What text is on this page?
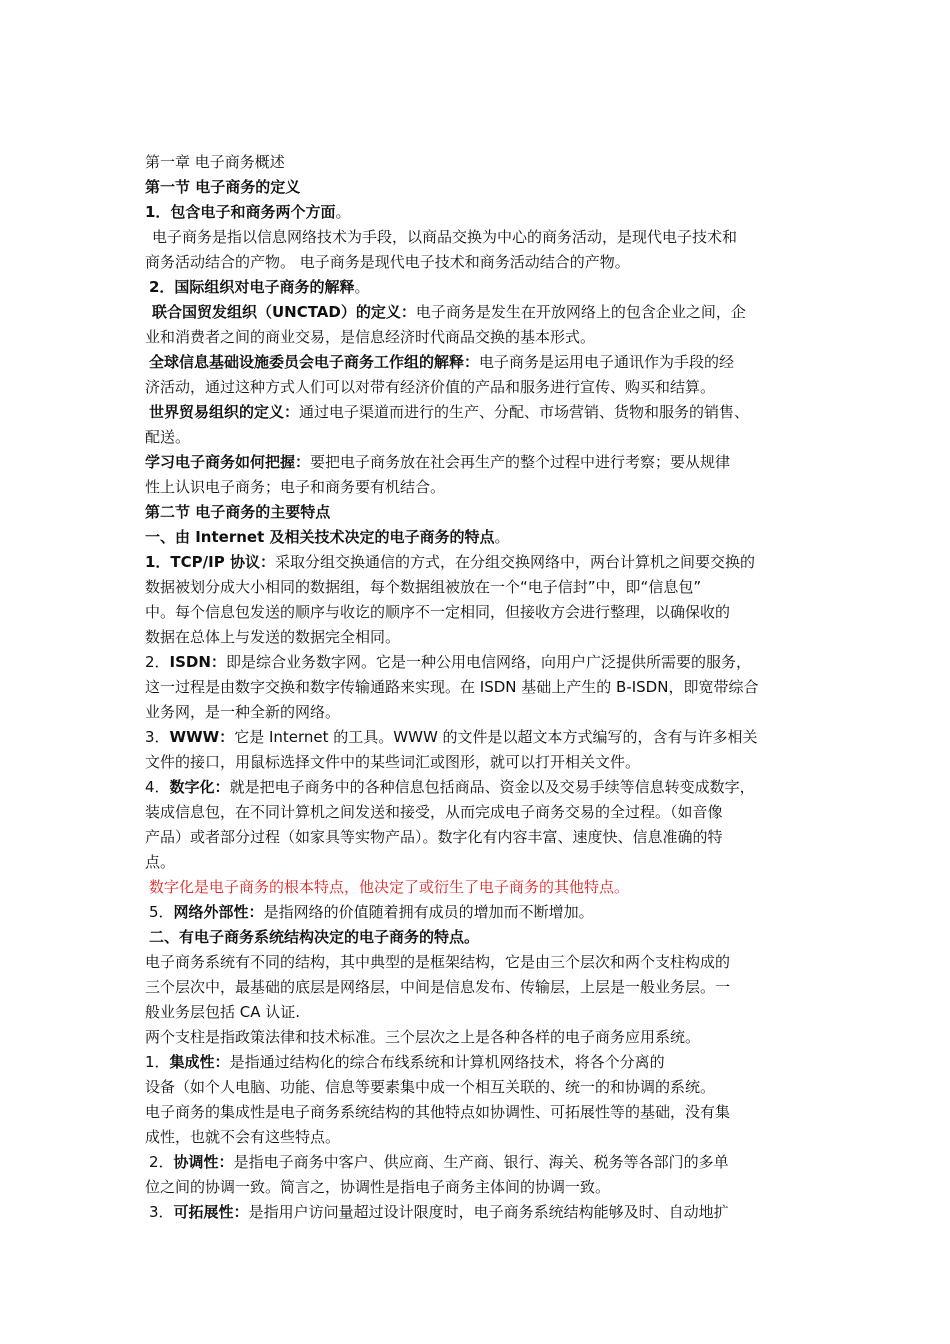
第一章 电子商务概述
第一节 电子商务的定义
1．包含电子和商务两个方面。
电子商务是指以信息网络技术为手段，以商品交换为中心的商务活动，是现代电子技术和
商务活动结合的产物。 电子商务是现代电子技术和商务活动结合的产物。
2．国际组织对电子商务的解释。
联合国贸发组织（UNCTAD）的定义：电子商务是发生在开放网络上的包含企业之间，企
业和消费者之间的商业交易，是信息经济时代商品交换的基本形式。
全球信息基础设施委员会电子商务工作组的解释：电子商务是运用电子通讯作为手段的经
济活动，通过这种方式人们可以对带有经济价值的产品和服务进行宣传、购买和结算。
世界贸易组织的定义：通过电子渠道而进行的生产、分配、市场营销、货物和服务的销售、
配送。
学习电子商务如何把握：要把电子商务放在社会再生产的整个过程中进行考察；要从规律
性上认识电子商务；电子和商务要有机结合。
第二节 电子商务的主要特点
一、由 Internet 及相关技术决定的电子商务的特点。
1．TCP/IP 协议：采取分组交换通信的方式，在分组交换网络中，两台计算机之间要交换的
数据被划分成大小相同的数据组，每个数据组被放在一个“电子信封”中，即“信息包”
中。每个信息包发送的顺序与收讫的顺序不一定相同，但接收方会进行整理，以确保收的
数据在总体上与发送的数据完全相同。
2．ISDN：即是综合业务数字网。它是一种公用电信网络，向用户广泛提供所需要的服务，
这一过程是由数字交换和数字传输通路来实现。在 ISDN 基础上产生的 B-ISDN，即宽带综合
业务网，是一种全新的网络。
3．WWW：它是 Internet 的工具。WWW 的文件是以超文本方式编写的，含有与许多相关
文件的接口，用鼠标选择文件中的某些词汇或图形，就可以打开相关文件。
4．数字化：就是把电子商务中的各种信息包括商品、资金以及交易手续等信息转变成数字，
装成信息包，在不同计算机之间发送和接受，从而完成电子商务交易的全过程。（如音像
产品）或者部分过程（如家具等实物产品）。数字化有内容丰富、速度快、信息准确的特
点。
数字化是电子商务的根本特点，他决定了或衍生了电子商务的其他特点。
5．网络外部性：是指网络的价值随着拥有成员的增加而不断增加。
二、有电子商务系统结构决定的电子商务的特点。
电子商务系统有不同的结构，其中典型的是框架结构，它是由三个层次和两个支柱构成的
三个层次中，最基础的底层是网络层，中间是信息发布、传输层，上层是一般业务层。一
般业务层包括 CA 认证.
两个支柱是指政策法律和技术标准。三个层次之上是各种各样的电子商务应用系统。
1．集成性：是指通过结构化的综合布线系统和计算机网络技术，将各个分离的
设备（如个人电脑、功能、信息等要素集中成一个相互关联的、统一的和协调的系统。
电子商务的集成性是电子商务系统结构的其他特点如协调性、可拓展性等的基础，没有集
成性，也就不会有这些特点。
2．协调性：是指电子商务中客户、供应商、生产商、银行、海关、税务等各部门的多单
位之间的协调一致。简言之，协调性是指电子商务主体间的协调一致。
3．可拓展性：是指用户访问量超过设计限度时，电子商务系统结构能够及时、自动地扩
